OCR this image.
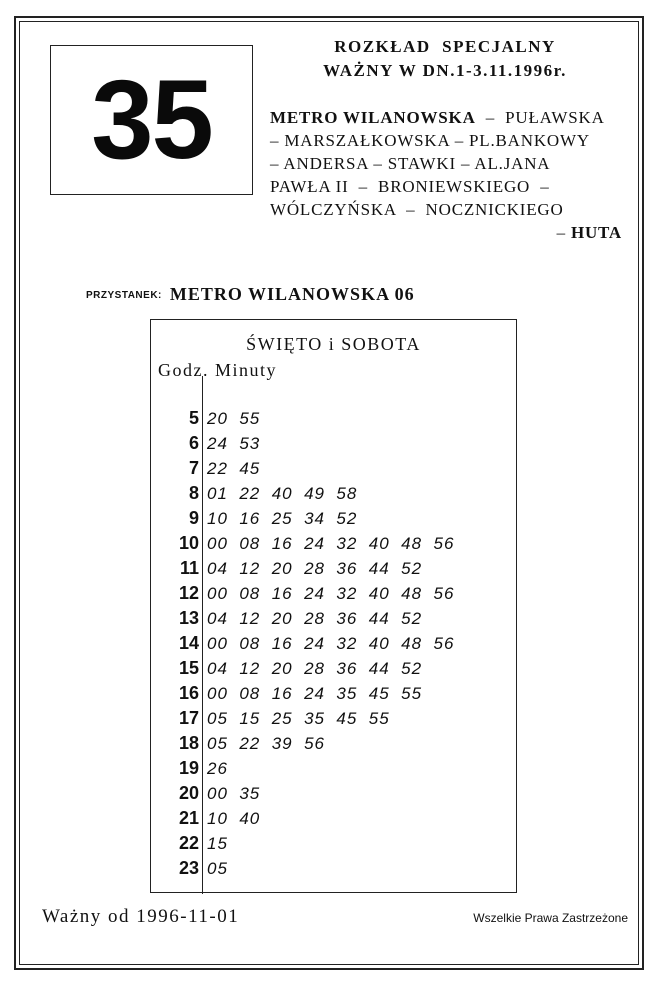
35
ROZKŁAD  SPECJALNY
WAŻNY W DN.1-3.11.1996r.
METRO WILANOWSKA  –  PUŁAWSKA
– MARSZAŁKOWSKA – PL.BANKOWY
– ANDERSA – STAWKI – AL.JANA
PAWŁA II  –  BRONIEWSKIEGO  –
WÓLCZYŃSKA  –  NOCZNICKIEGO
– HUTA
PRZYSTANEK: METRO WILANOWSKA 06
ŚWIĘTO i SOBOTA
Godz. Minuty
5 20  55
6 24  53
7 22  45
8 01  22  40  49  58
9 10  16  25  34  52
10 00  08  16  24  32  40  48  56
11 04  12  20  28  36  44  52
12 00  08  16  24  32  40  48  56
13 04  12  20  28  36  44  52
14 00  08  16  24  32  40  48  56
15 04  12  20  28  36  44  52
16 00  08  16  24  35  45  55
17 05  15  25  35  45  55
18 05  22  39  56
19 26
20 00  35
21 10  40
22 15
23 05
Ważny od 1996-11-01	Wszelkie Prawa Zastrzeżone
